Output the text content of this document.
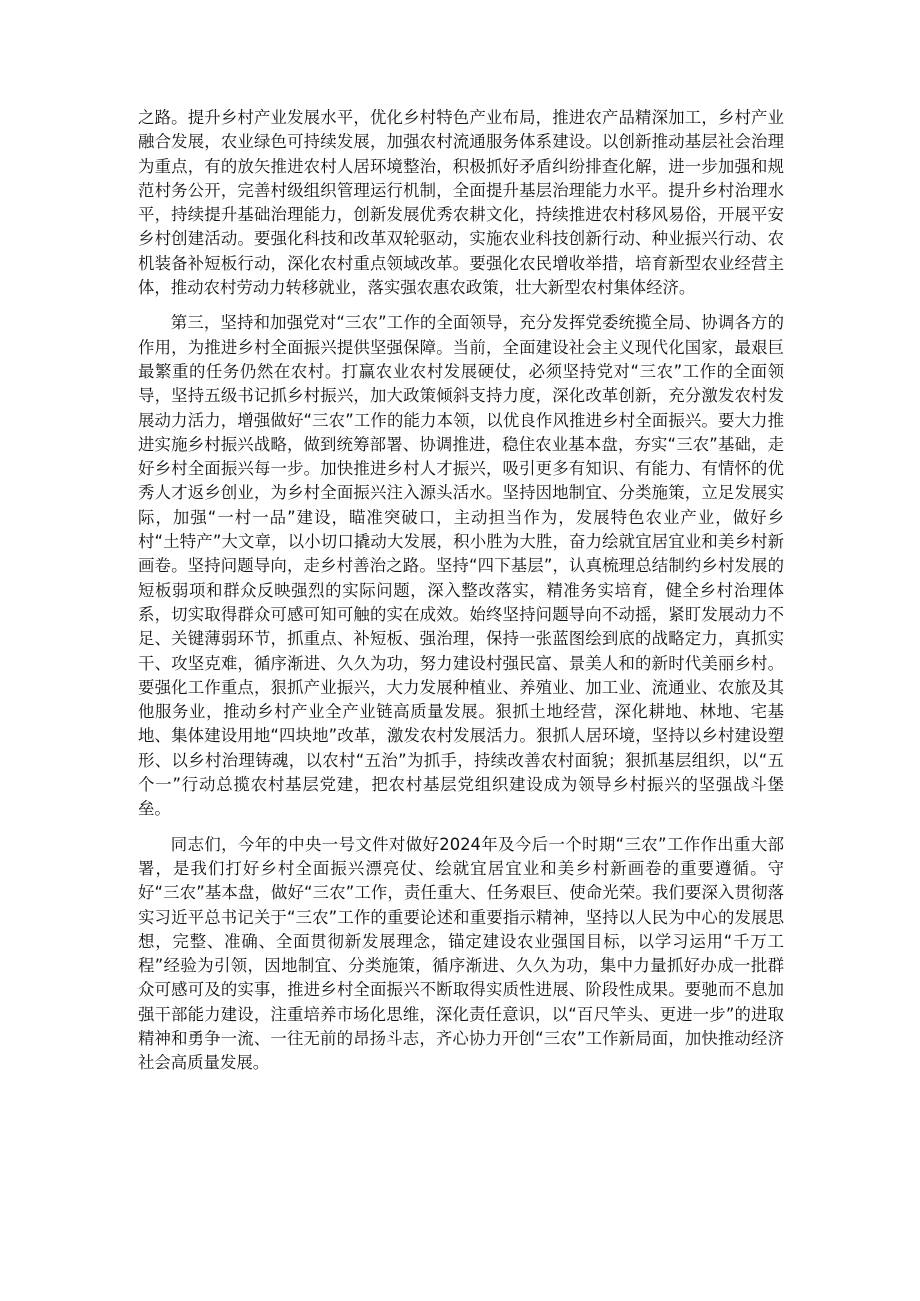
之路。提升乡村产业发展水平，优化乡村特色产业布局，推进农产品精深加工，乡村产业融合发展，农业绿色可持续发展，加强农村流通服务体系建设。以创新推动基层社会治理为重点，有的放矢推进农村人居环境整治，积极抓好矛盾纠纷排查化解，进一步加强和规范村务公开，完善村级组织管理运行机制，全面提升基层治理能力水平。提升乡村治理水平，持续提升基础治理能力，创新发展优秀农耕文化，持续推进农村移风易俗，开展平安乡村创建活动。要强化科技和改革双轮驱动，实施农业科技创新行动、种业振兴行动、农机装备补短板行动，深化农村重点领域改革。要强化农民增收举措，培育新型农业经营主体，推动农村劳动力转移就业，落实强农惠农政策，壮大新型农村集体经济。

第三，坚持和加强党对“三农”工作的全面领导，充分发挥党委统揽全局、协调各方的作用，为推进乡村全面振兴提供坚强保障。当前，全面建设社会主义现代化国家，最艰巨最繁重的任务仍然在农村。打赢农业农村发展硬仗，必须坚持党对“三农”工作的全面领导，坚持五级书记抓乡村振兴，加大政策倾斜支持力度，深化改革创新，充分激发农村发展动力活力，增强做好“三农”工作的能力本领，以优良作风推进乡村全面振兴。要大力推进实施乡村振兴战略，做到统筹部署、协调推进，稳住农业基本盘，夯实“三农”基础，走好乡村全面振兴每一步。加快推进乡村人才振兴，吸引更多有知识、有能力、有情怀的优秀人才返乡创业，为乡村全面振兴注入源头活水。坚持因地制宜、分类施策，立足发展实际，加强“一村一品”建设，瞄准突破口，主动担当作为，发展特色农业产业，做好乡村“土特产”大文章，以小切口撬动大发展，积小胜为大胜，奋力绘就宜居宜业和美乡村新画卷。坚持问题导向，走乡村善治之路。坚持“四下基层”，认真梳理总结制约乡村发展的短板弱项和群众反映强烈的实际问题，深入整改落实，精准务实培育，健全乡村治理体系，切实取得群众可感可知可触的实在成效。始终坚持问题导向不动摇，紧盯发展动力不足、关键薄弱环节，抓重点、补短板、强治理，保持一张蓝图绘到底的战略定力，真抓实干、攻坚克难，循序渐进、久久为功，努力建设村强民富、景美人和的新时代美丽乡村。要强化工作重点，狠抓产业振兴，大力发展种植业、养殖业、加工业、流通业、农旅及其他服务业，推动乡村产业全产业链高质量发展。狠抓土地经营，深化耕地、林地、宅基地、集体建设用地“四块地”改革，激发农村发展活力。狠抓人居环境，坚持以乡村建设塑形、以乡村治理铸魂，以农村“五治”为抓手，持续改善农村面貌；狠抓基层组织，以“五个一”行动总揽农村基层党建，把农村基层党组织建设成为领导乡村振兴的坚强战斗堡垒。

同志们，今年的中央一号文件对做好2024年及今后一个时期“三农”工作作出重大部署，是我们打好乡村全面振兴漂亮仗、绘就宜居宜业和美乡村新画卷的重要遵循。守好“三农”基本盘，做好“三农”工作，责任重大、任务艰巨、使命光荣。我们要深入贯彻落实习近平总书记关于“三农”工作的重要论述和重要指示精神，坚持以人民为中心的发展思想，完整、准确、全面贯彻新发展理念，锚定建设农业强国目标，以学习运用“千万工程”经验为引领，因地制宜、分类施策，循序渐进、久久为功，集中力量抓好办成一批群众可感可及的实事，推进乡村全面振兴不断取得实质性进展、阶段性成果。要驰而不息加强干部能力建设，注重培养市场化思维，深化责任意识，以“百尺竿头、更进一步”的进取精神和勇争一流、一往无前的昂扬斗志，齐心协力开创“三农”工作新局面，加快推动经济社会高质量发展。
